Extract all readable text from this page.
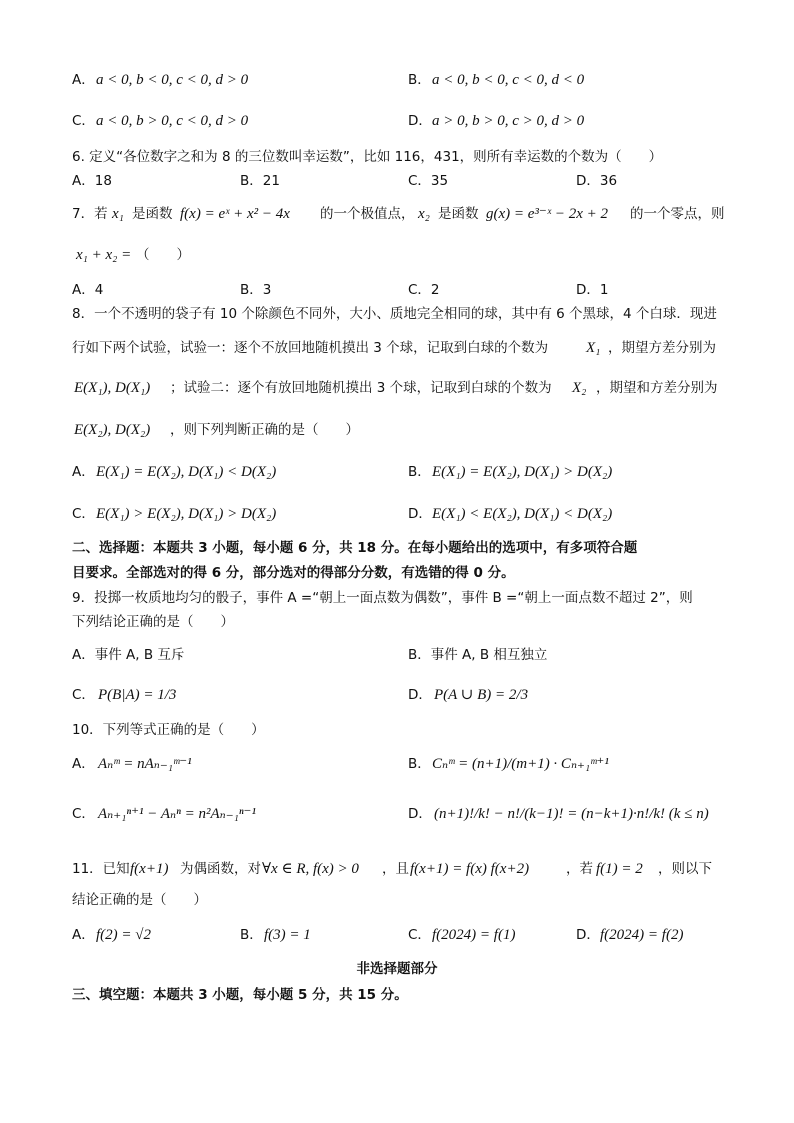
A． a < 0, b < 0, c < 0, d > 0	B． a < 0, b < 0, c < 0, d < 0
C． a < 0, b > 0, c < 0, d > 0	D． a > 0, b > 0, c > 0, d > 0
6. 定义“各位数字之和为 8 的三位数叫幸运数”，比如 116，431，则所有幸运数的个数为（　　）
A．18	B．21	C．35	D．36
7．若 x₁ 是函数 f(x) = eˣ + x² − 4x 的一个极值点， x₂ 是函数 g(x) = e³⁻ˣ − 2x + 2 的一个零点，则
x₁ + x₂ = （　　）
A．4	B．3	C．2	D．1
8．一个不透明的袋子有 10 个除颜色不同外，大小、质地完全相同的球，其中有 6 个黑球，4 个白球．现进
行如下两个试验，试验一：逐个不放回地随机摸出 3 个球，记取到白球的个数为	X₁ ，期望方差分别为
E(X₁), D(X₁) ；试验二：逐个有放回地随机摸出 3 个球，记取到白球的个数为 X₂ ，期望和方差分别为
E(X₂), D(X₂) ，则下列判断正确的是（　　）
A． E(X₁) = E(X₂), D(X₁) < D(X₂)	B． E(X₁) = E(X₂), D(X₁) > D(X₂)
C． E(X₁) > E(X₂), D(X₁) > D(X₂)	D． E(X₁) < E(X₂), D(X₁) < D(X₂)
二、选择题：本题共 3 小题，每小题 6 分，共 18 分。在每小题给出的选项中，有多项符合题
目要求。全部选对的得 6 分，部分选对的得部分分数，有选错的得 0 分。
9．投掷一枚质地均匀的骰子，事件 A =“朝上一面点数为偶数”，事件 B =“朝上一面点数不超过 2”，则
下列结论正确的是（　　）
A．事件 A, B 互斥	B．事件 A, B 相互独立
C． P(B|A) = 1/3	D． P(A ∪ B) = 2/3
10．下列等式正确的是（　　）
A． Aₙᵐ = nAₙ₋₁ᵐ⁻¹	B． Cₙᵐ = (n+1)/(m+1) · Cₙ₊₁ᵐ⁺¹
C． Aₙ₊₁ⁿ⁺¹ − Aₙⁿ = n²Aₙ₋₁ⁿ⁻¹	D． (n+1)!/k! − n!/(k−1)! = (n−k+1)·n!/k! (k ≤ n)
11．已知 f(x+1) 为偶函数，对 ∀x ∈ R, f(x) > 0 ，且 f(x+1) = f(x) f(x+2)	，若 f(1) = 2 ，则以下
结论正确的是（　　）
A． f(2) = √2	B． f(3) = 1	C． f(2024) = f(1)	D． f(2024) = f(2)
非选择题部分
三、填空题：本题共 3 小题，每小题 5 分，共 15 分。
